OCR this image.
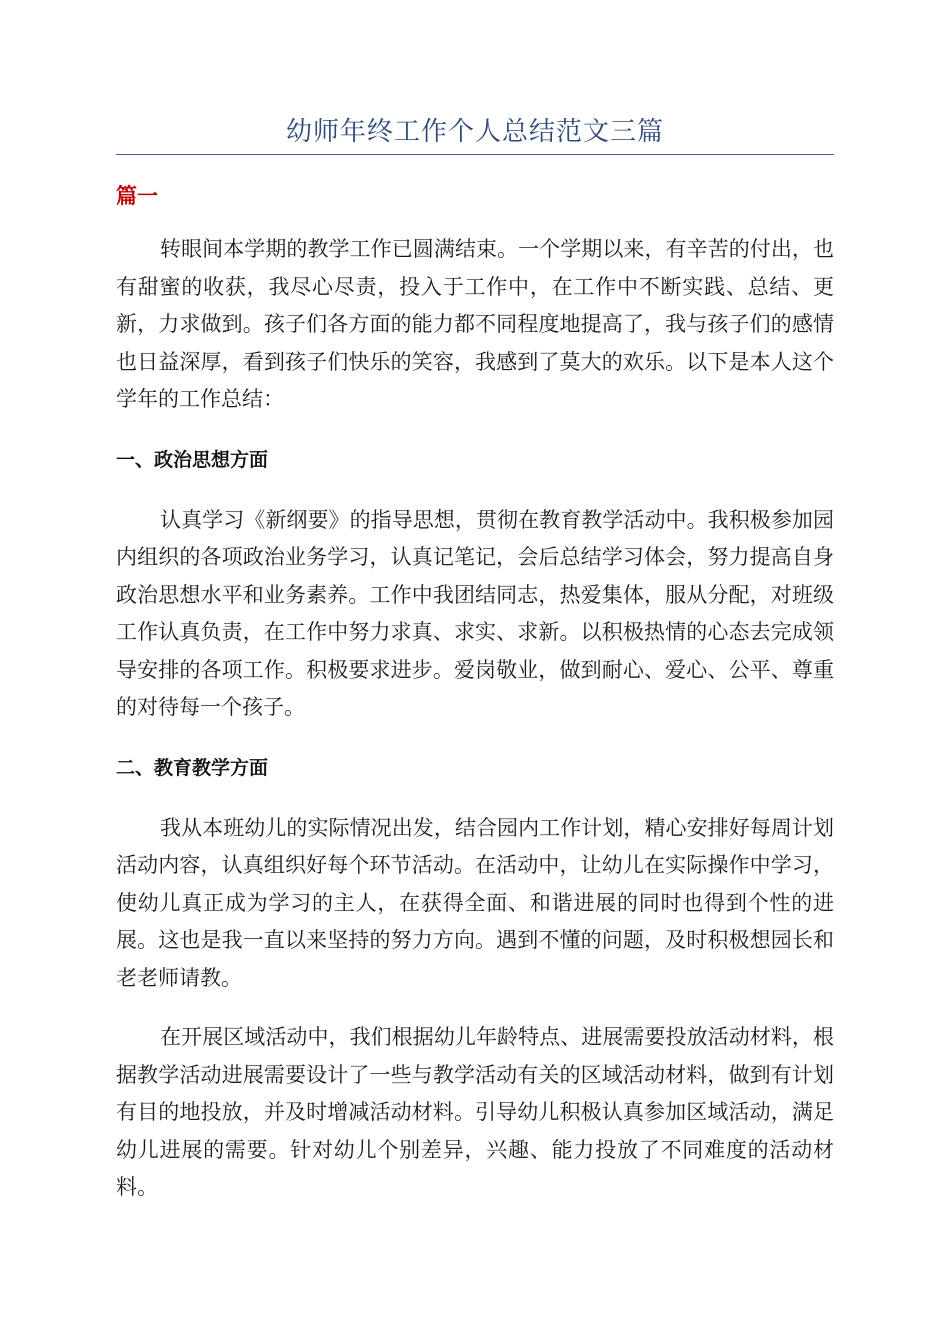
幼师年终工作个人总结范文三篇
篇一

转眼间本学期的教学工作已圆满结束。一个学期以来，有辛苦的付出，也有甜蜜的收获，我尽心尽责，投入于工作中，在工作中不断实践、总结、更新，力求做到。孩子们各方面的能力都不同程度地提高了，我与孩子们的感情也日益深厚，看到孩子们快乐的笑容，我感到了莫大的欢乐。以下是本人这个学年的工作总结：

一、政治思想方面

认真学习《新纲要》的指导思想，贯彻在教育教学活动中。我积极参加园内组织的各项政治业务学习，认真记笔记，会后总结学习体会，努力提高自身政治思想水平和业务素养。工作中我团结同志，热爱集体，服从分配，对班级工作认真负责，在工作中努力求真、求实、求新。以积极热情的心态去完成领导安排的各项工作。积极要求进步。爱岗敬业，做到耐心、爱心、公平、尊重的对待每一个孩子。

二、教育教学方面

我从本班幼儿的实际情况出发，结合园内工作计划，精心安排好每周计划活动内容，认真组织好每个环节活动。在活动中，让幼儿在实际操作中学习，使幼儿真正成为学习的主人，在获得全面、和谐进展的同时也得到个性的进展。这也是我一直以来坚持的努力方向。遇到不懂的问题，及时积极想园长和老老师请教。

在开展区域活动中，我们根据幼儿年龄特点、进展需要投放活动材料，根据教学活动进展需要设计了一些与教学活动有关的区域活动材料，做到有计划有目的地投放，并及时增减活动材料。引导幼儿积极认真参加区域活动，满足幼儿进展的需要。针对幼儿个别差异，兴趣、能力投放了不同难度的活动材料。
